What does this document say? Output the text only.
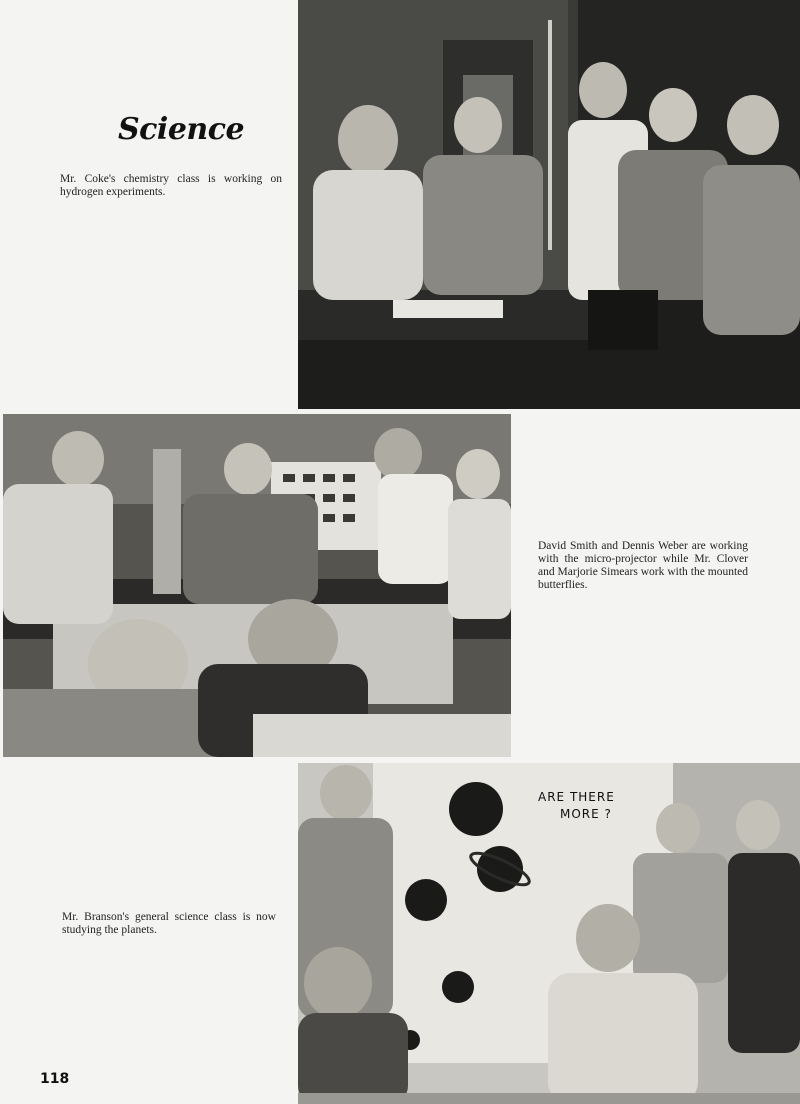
Science
Mr. Coke's chemistry class is working on hydrogen experiments.
David Smith and Dennis Weber are working with the micro-projector while Mr. Clover and Marjorie Simears work with the mounted butterflies.
Mr. Branson's general science class is now studying the planets.
ARE THERE
MORE ?
118
